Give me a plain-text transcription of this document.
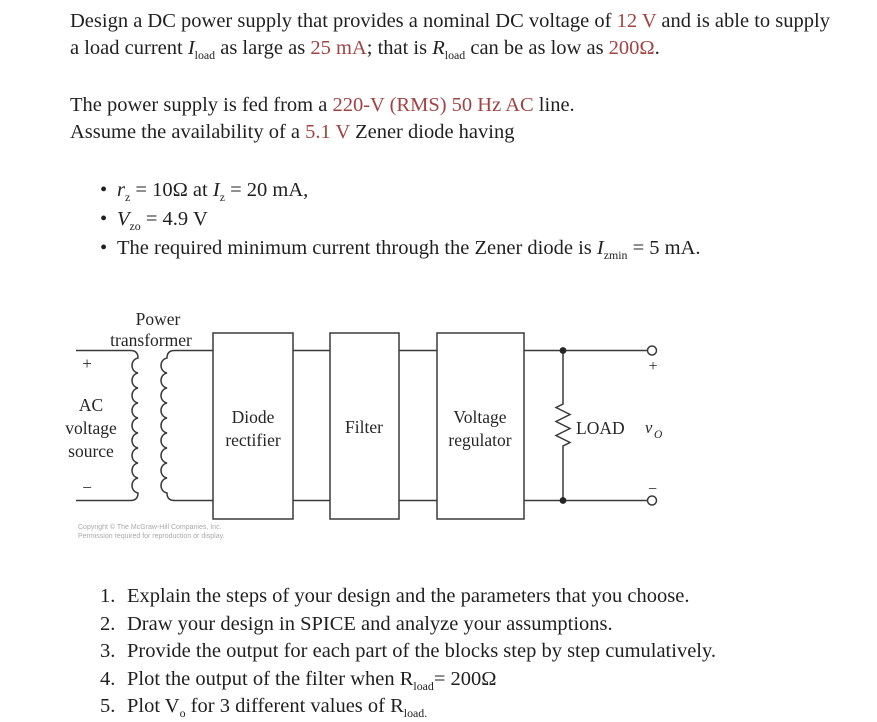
Design a DC power supply that provides a nominal DC voltage of 12 V and is able to supply
a load current $I_{load}$ as large as 25 mA; that is $R_{load}$ can be as low as 200Ω.
The power supply is fed from a 220-V (RMS) 50 Hz AC line.
Assume the availability of a 5.1 V Zener diode having
• $r_z = 10\Omega$ at $I_z = 20$ mA,
• $V_{zo} = 4.9$ V
• The required minimum current through the Zener diode is $I_{zmin} = 5$ mA.
Power
transformer
+
AC
voltage
source
−
Diode
rectifier
Filter	Voltage
regulator
LOAD v O
+
−
Copyright © The McGraw-Hill Companies, Inc.
Permission required for reproduction or display.
1. Explain the steps of your design and the parameters that you choose.
2. Draw your design in SPICE and analyze your assumptions.
3. Provide the output for each part of the blocks step by step cumulatively.
4. Plot the output of the filter when $R_{load}= 200\Omega$
5. Plot $V_o$ for 3 different values of $R_{load.}$
